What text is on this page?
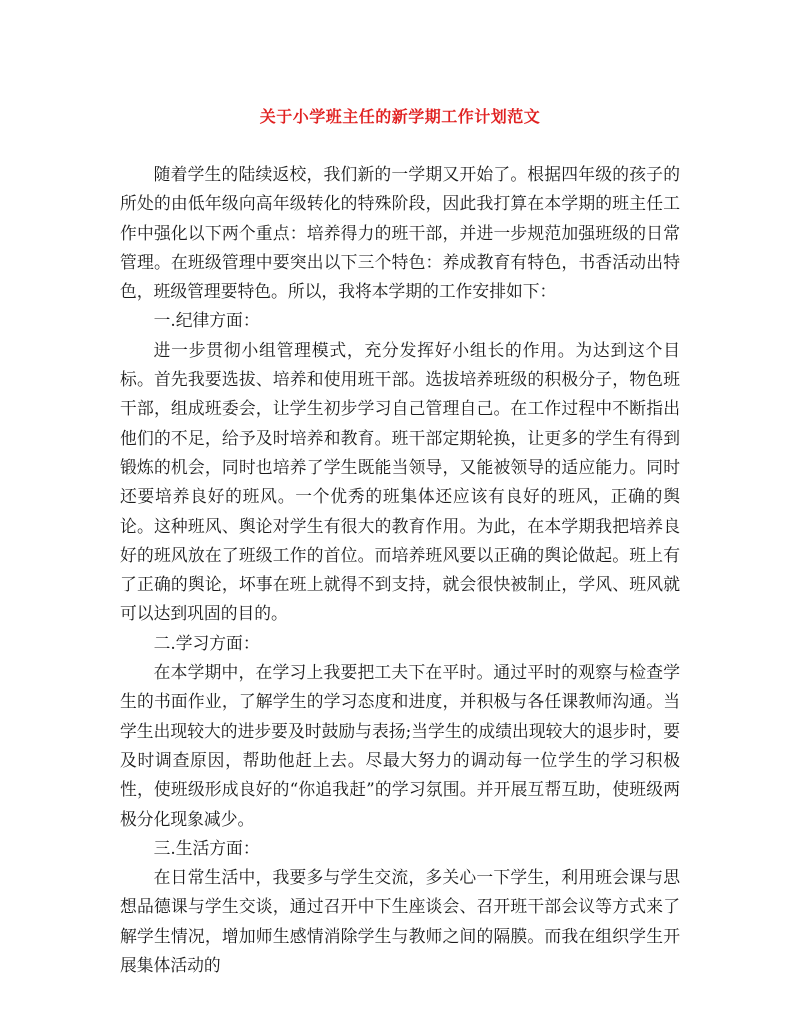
关于小学班主任的新学期工作计划范文

随着学生的陆续返校，我们新的一学期又开始了。根据四年级的孩子的所处的由低年级向高年级转化的特殊阶段，因此我打算在本学期的班主任工作中强化以下两个重点：培养得力的班干部，并进一步规范加强班级的日常管理。在班级管理中要突出以下三个特色：养成教育有特色，书香活动出特色，班级管理要特色。所以，我将本学期的工作安排如下：

一.纪律方面：

进一步贯彻小组管理模式，充分发挥好小组长的作用。为达到这个目标。首先我要选拔、培养和使用班干部。选拔培养班级的积极分子，物色班干部，组成班委会，让学生初步学习自己管理自己。在工作过程中不断指出他们的不足，给予及时培养和教育。班干部定期轮换，让更多的学生有得到锻炼的机会，同时也培养了学生既能当领导，又能被领导的适应能力。同时还要培养良好的班风。一个优秀的班集体还应该有良好的班风，正确的舆论。这种班风、舆论对学生有很大的教育作用。为此，在本学期我把培养良好的班风放在了班级工作的首位。而培养班风要以正确的舆论做起。班上有了正确的舆论，坏事在班上就得不到支持，就会很快被制止，学风、班风就可以达到巩固的目的。

二.学习方面：

在本学期中，在学习上我要把工夫下在平时。通过平时的观察与检查学生的书面作业，了解学生的学习态度和进度，并积极与各任课教师沟通。当学生出现较大的进步要及时鼓励与表扬;当学生的成绩出现较大的退步时，要及时调查原因，帮助他赶上去。尽最大努力的调动每一位学生的学习积极性，使班级形成良好的“你追我赶”的学习氛围。并开展互帮互助，使班级两极分化现象减少。

三.生活方面：

在日常生活中，我要多与学生交流，多关心一下学生，利用班会课与思想品德课与学生交谈，通过召开中下生座谈会、召开班干部会议等方式来了解学生情况，增加师生感情消除学生与教师之间的隔膜。而我在组织学生开展集体活动的
